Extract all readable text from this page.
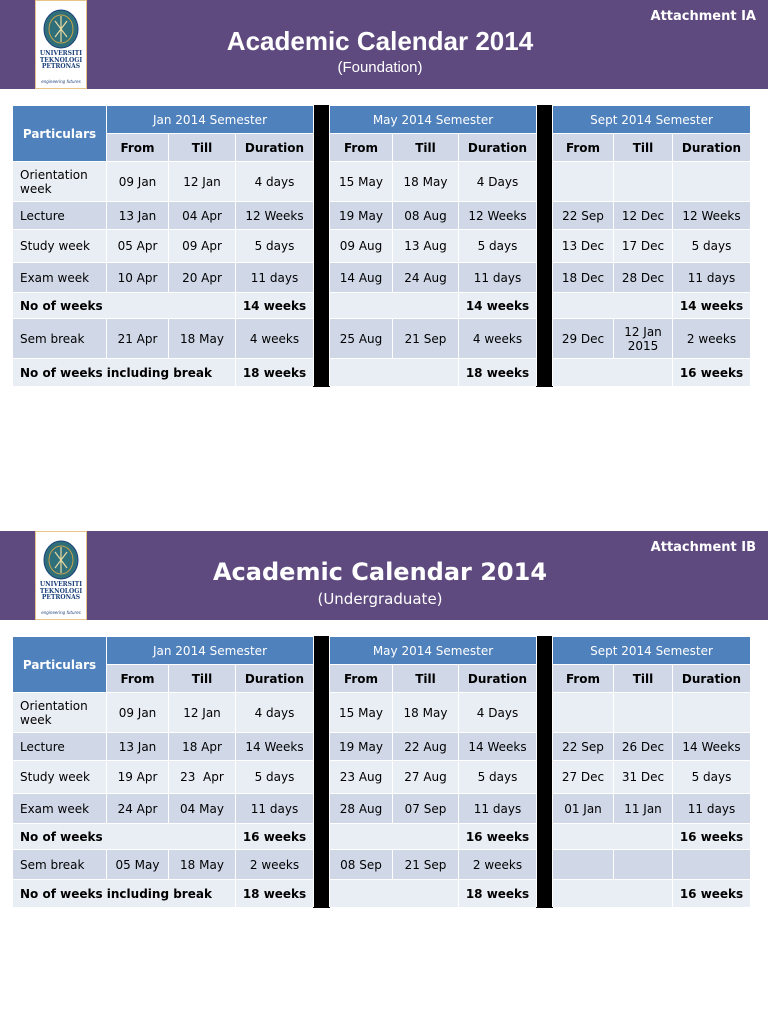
UNIVERSITI
TEKNOLOGI
PETRONAS
engineering futures
Academic Calendar 2014
(Foundation)
Attachment IA
Particulars	Jan 2014 Semester				May 2014 Semester				Sept 2014 Semester		
	From	Till	Duration		From	Till	Duration		From	Till	Duration
Orientation week	09 Jan	12 Jan	4 days		15 May	18 May	4 Days				
Lecture	13 Jan	04 Apr	12 Weeks		19 May	08 Aug	12 Weeks		22 Sep	12 Dec	12 Weeks
Study week	05 Apr	09 Apr	5 days		09 Aug	13 Aug	5 days		13 Dec	17 Dec	5 days
Exam week	10 Apr	20 Apr	11 days		14 Aug	24 Aug	11 days		18 Dec	28 Dec	11 days
No of weeks			14 weeks				14 weeks				14 weeks
Sem break	21 Apr	18 May	4 weeks		25 Aug	21 Sep	4 weeks		29 Dec	12 Jan 2015	2 weeks
No of weeks including break			18 weeks				18 weeks				16 weeks
UNIVERSITI
TEKNOLOGI
PETRONAS
engineering futures
Academic Calendar 2014
(Undergraduate)
Attachment IB
Particulars	Jan 2014 Semester				May 2014 Semester				Sept 2014 Semester		
	From	Till	Duration		From	Till	Duration		From	Till	Duration
Orientation week	09 Jan	12 Jan	4 days		15 May	18 May	4 Days				
Lecture	13 Jan	18 Apr	14 Weeks		19 May	22 Aug	14 Weeks		22 Sep	26 Dec	14 Weeks
Study week	19 Apr	23  Apr	5 days		23 Aug	27 Aug	5 days		27 Dec	31 Dec	5 days
Exam week	24 Apr	04 May	11 days		28 Aug	07 Sep	11 days		01 Jan	11 Jan	11 days
No of weeks			16 weeks				16 weeks				16 weeks
Sem break	05 May	18 May	2 weeks		08 Sep	21 Sep	2 weeks				
No of weeks including break			18 weeks				18 weeks				16 weeks
